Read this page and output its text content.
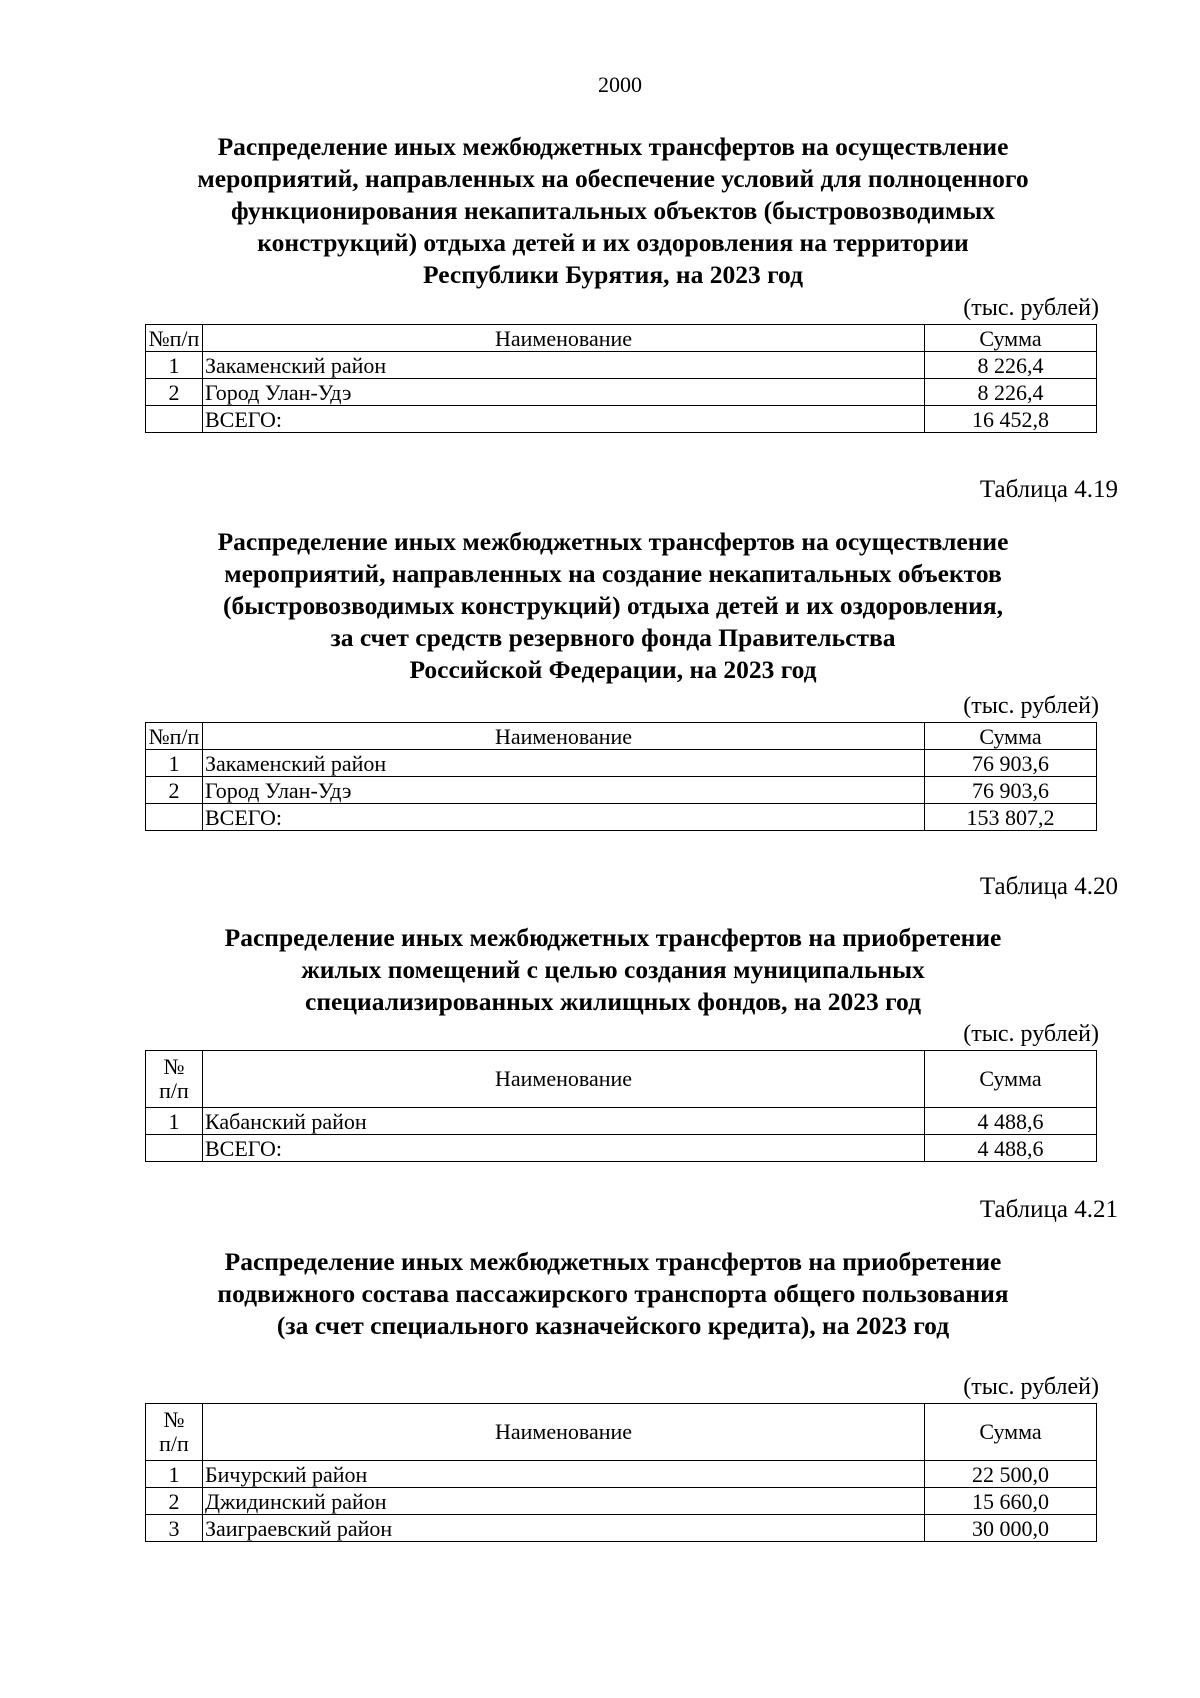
2000
Распределение иных межбюджетных трансфертов на осуществление
мероприятий, направленных на обеспечение условий для полноценного
функционирования некапитальных объектов (быстровозводимых
конструкций) отдыха детей и их оздоровления на территории
Республики Бурятия, на 2023 год
(тыс. рублей)
№п/п	Наименование	Сумма
1	Закаменский район	8 226,4
2	Город Улан-Удэ	8 226,4
	ВСЕГО:	16 452,8
Таблица 4.19
Распределение иных межбюджетных трансфертов на осуществление
мероприятий, направленных на создание некапитальных объектов
(быстровозводимых конструкций) отдыха детей и их оздоровления,
за счет средств резервного фонда Правительства
Российской Федерации, на 2023 год
(тыс. рублей)
№п/п	Наименование	Сумма
1	Закаменский район	76 903,6
2	Город Улан-Удэ	76 903,6
	ВСЕГО:	153 807,2
Таблица 4.20
Распределение иных межбюджетных трансфертов на приобретение
жилых помещений с целью создания муниципальных
специализированных жилищных фондов, на 2023 год
(тыс. рублей)
№
п/п	Наименование	Сумма
1	Кабанский район	4 488,6
	ВСЕГО:	4 488,6
Таблица 4.21
Распределение иных межбюджетных трансфертов на приобретение
подвижного состава пассажирского транспорта общего пользования
(за счет специального казначейского кредита), на 2023 год
(тыс. рублей)
№
п/п	Наименование	Сумма
1	Бичурский район	22 500,0
2	Джидинский район	15 660,0
3	Заиграевский район	30 000,0
